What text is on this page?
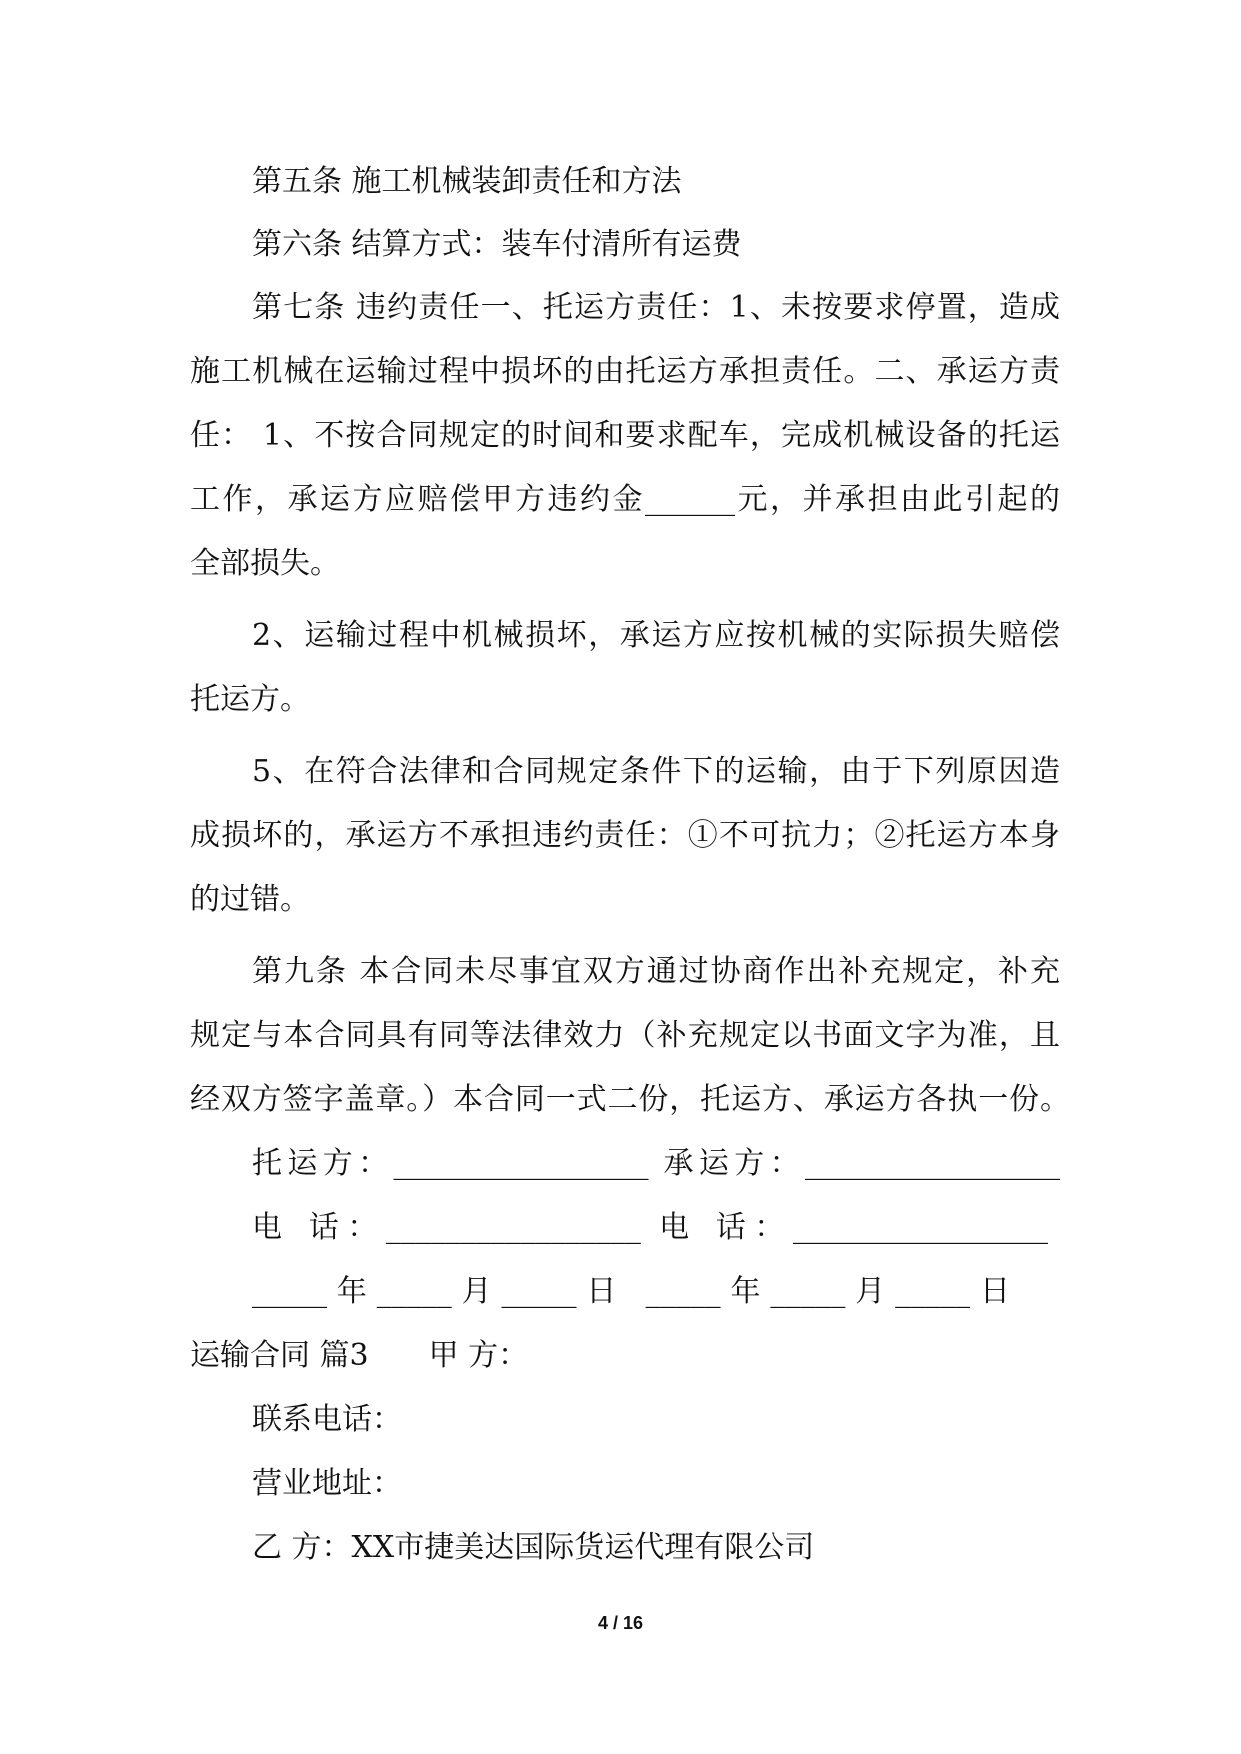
第五条 施工机械装卸责任和方法
第六条 结算方式：装车付清所有运费
第七条 违约责任一、托运方责任：1、未按要求停置，造成
施工机械在运输过程中损坏的由托运方承担责任。二、承运方责
任： 1、不按合同规定的时间和要求配车，完成机械设备的托运
工作，承运方应赔偿甲方违约金______元，并承担由此引起的
全部损失。
2、运输过程中机械损坏，承运方应按机械的实际损失赔偿
托运方。
5、在符合法律和合同规定条件下的运输，由于下列原因造
成损坏的，承运方不承担违约责任：①不可抗力；②托运方本身
的过错。
第九条 本合同未尽事宜双方通过协商作出补充规定，补充
规定与本合同具有同等法律效力（补充规定以书面文字为准，且
经双方签字盖章。）本合同一式二份，托运方、承运方各执一份。
托运方：_________________ 承运方：_________________
电 话：_________________ 电 话：_________________
_____年_____月_____日 _____年_____月_____日
运输合同 篇3　　甲 方：
联系电话：
营业地址：
乙 方：XX市捷美达国际货运代理有限公司
4 / 16
